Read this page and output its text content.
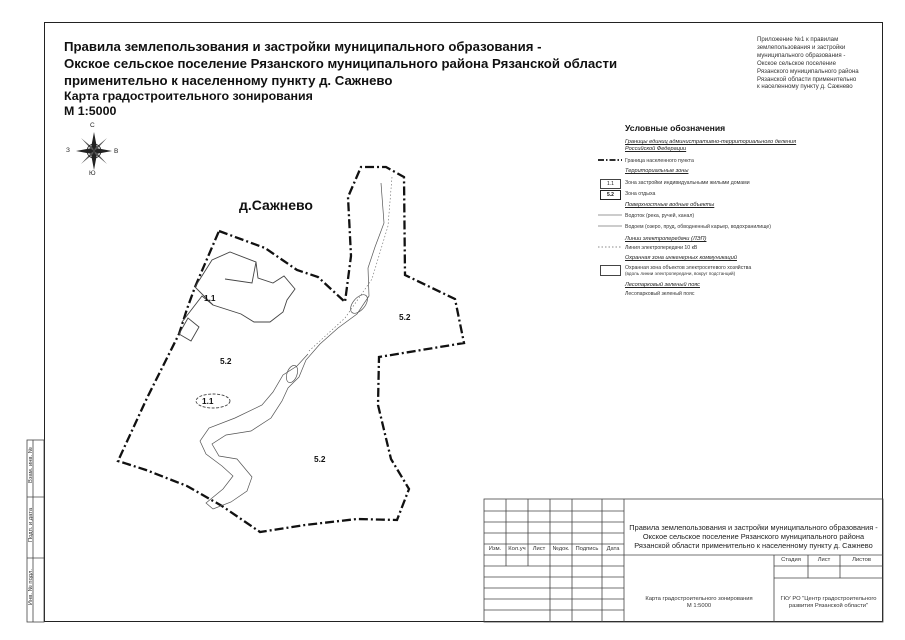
Правила землепользования и застройки муниципального образования -
Окское сельское поселение Рязанского муниципального района Рязанской области
применительно к населенному пункту д. Сажнево
Карта градостроительного зонирования
М 1:5000
Приложение №1 к правилам
землепользования и застройки
муниципального образования -
Окское сельское поселение
Рязанского муниципального района
Рязанской области применительно
к населенному пункту д. Сажнево
С
Ю
З	В
д.Сажнево
1.1
5.2
5.2
1.1
5.2
Условные обозначения
Границы единиц административно-территориального деления
Российской Федерации
Граница населенного пункта
Территориальные зоны
1.1	Зона застройки индивидуальными жилыми домами
5.2	Зона отдыха
Поверхностные водные объекты
Водоток (река, ручей, канал)
Водоем (озеро, пруд, обводненный карьер, водохранилище)
Линии электропередачи (ЛЭП)
Линия электропередачи 10 кВ
Охранная зона инженерных коммуникаций
Охранная зона объектов электросетевого хозяйства
(вдоль линии электропередачи, вокруг подстанций)
Лесопарковый зеленый пояс
Лесопарковый зеленый пояс
Взам. инв. №
Подп. и дата
Инв. № подл.
Изм.	Кол.уч	Лист	№док.	Подпись	Дата
Правила землепользования и застройки муниципального образования -
Окское сельское поселение Рязанского муниципального района
Рязанской области применительно к населенному пункту д. Сажнево
Стадия	Лист	Листов
Карта градостроительного зонирования
М 1:5000
ГКУ РО "Центр градостроительного
развития Рязанской области"
